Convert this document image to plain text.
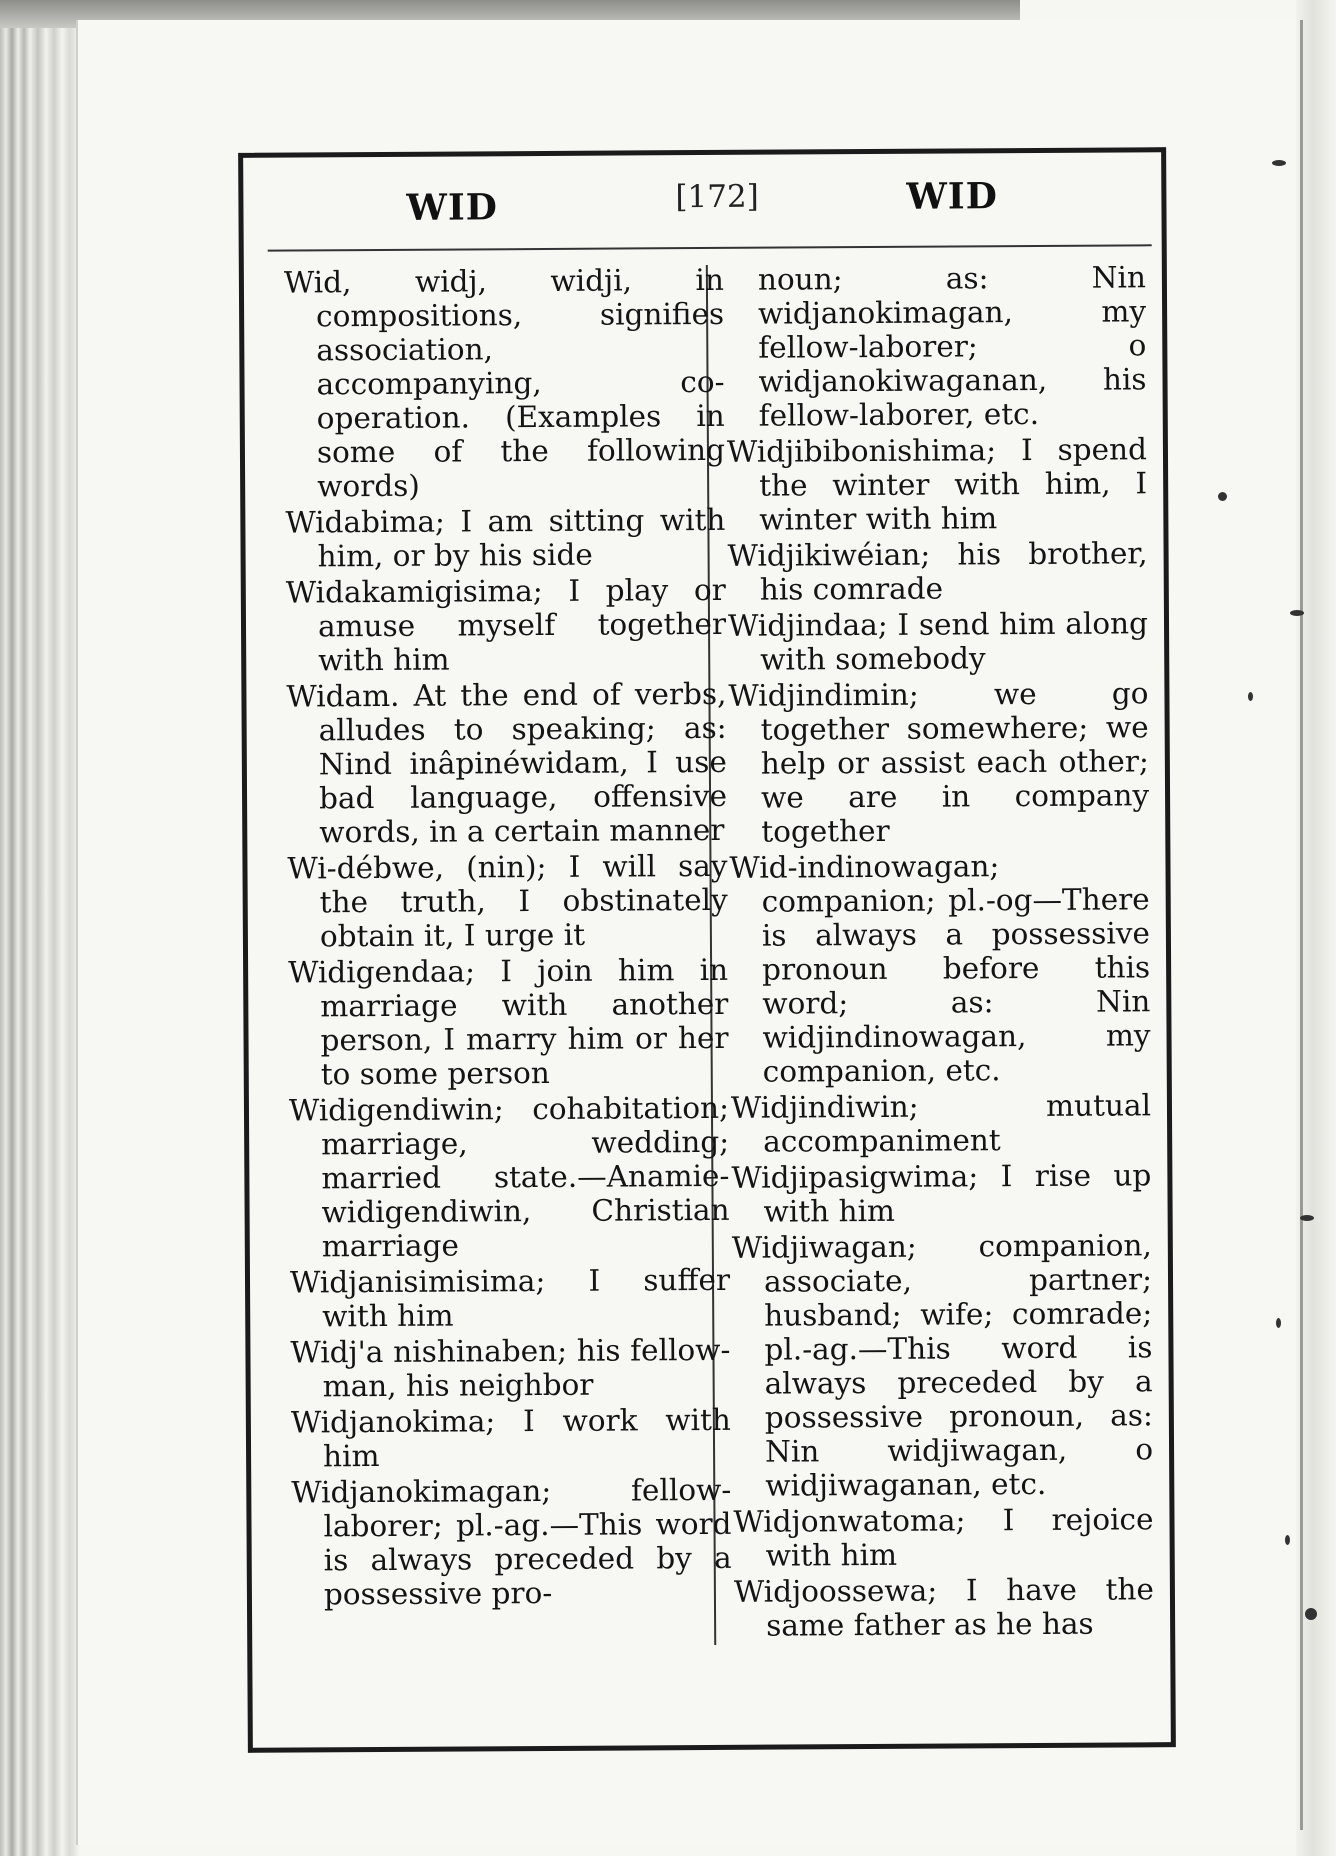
WID	[172]	WID

Wid, widj, widji, in compositions, signifies association, accompanying, co-operation. (Examples in some of the following words)

Widabima; I am sitting with him, or by his side

Widakamigisima; I play or amuse myself together with him

Widam. At the end of verbs, alludes to speaking; as: Nind inâpinéwidam, I use bad language, offensive words, in a certain manner

Wi-débwe, (nin); I will say the truth, I obstinately obtain it, I urge it

Widigendaa; I join him in marriage with another person, I marry him or her to some person

Widigendiwin; cohabitation; marriage, wedding; married state.—Anamie-widigendiwin, Christian marriage

Widjanisimisima; I suffer with him

Widj'a nishinaben; his fellow-man, his neighbor

Widjanokima; I work with him

Widjanokimagan; fellow-laborer; pl.-ag.—This word is always preceded by a possessive pro-

noun; as: Nin widjanokimagan, my fellow-laborer; o widjanokiwaganan, his fellow-laborer, etc.

Widjibibonishima; I spend the winter with him, I winter with him

Widjikiwéian; his brother, his comrade

Widjindaa; I send him along with somebody

Widjindimin; we go together somewhere; we help or assist each other; we are in company together

Wid-indinowagan; companion; pl.-og—There is always a possessive pronoun before this word; as: Nin widjindinowagan, my companion, etc.

Widjindiwin; mutual accompaniment

Widjipasigwima; I rise up with him

Widjiwagan; companion, associate, partner; husband; wife; comrade; pl.-ag.—This word is always preceded by a possessive pronoun, as: Nin widjiwagan, o widjiwaganan, etc.

Widjonwatoma; I rejoice with him

Widjoossewa; I have the same father as he has
